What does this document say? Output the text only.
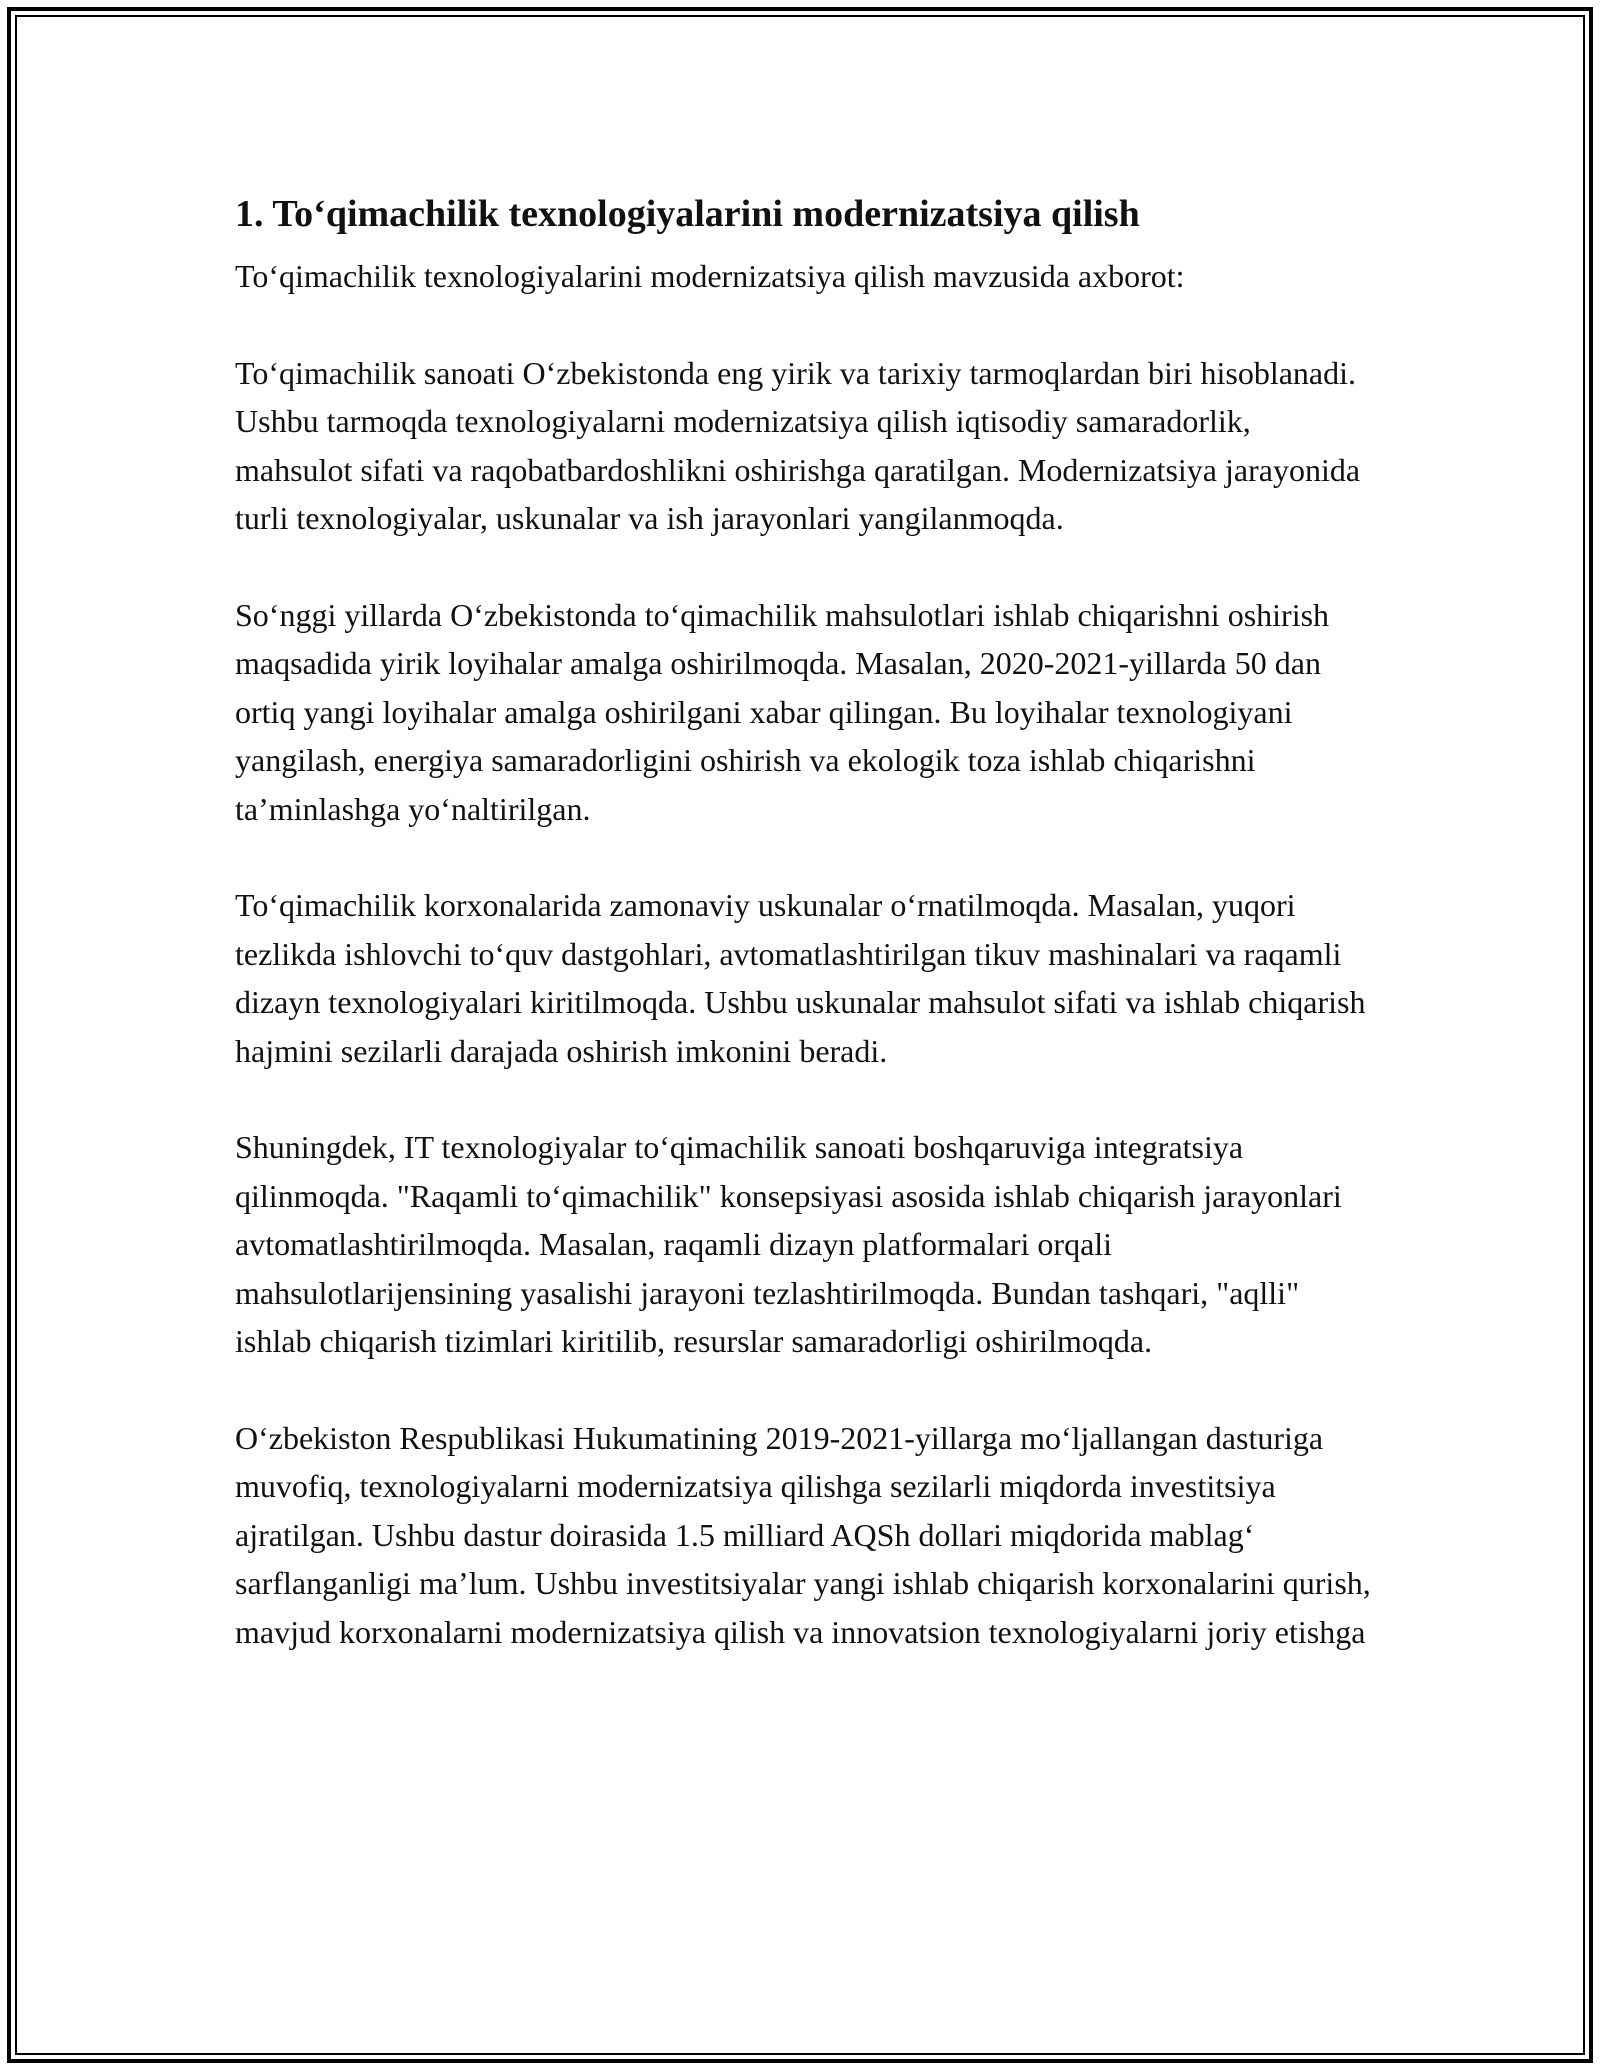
1. To‘qimachilik texnologiyalarini modernizatsiya qilish

To‘qimachilik texnologiyalarini modernizatsiya qilish mavzusida axborot:

To‘qimachilik sanoati O‘zbekistonda eng yirik va tarixiy tarmoqlardan biri hisoblanadi. Ushbu tarmoqda texnologiyalarni modernizatsiya qilish iqtisodiy samaradorlik, mahsulot sifati va raqobatbardoshlikni oshirishga qaratilgan. Modernizatsiya jarayonida turli texnologiyalar, uskunalar va ish jarayonlari yangilanmoqda.

So‘nggi yillarda O‘zbekistonda to‘qimachilik mahsulotlari ishlab chiqarishni oshirish maqsadida yirik loyihalar amalga oshirilmoqda. Masalan, 2020-2021-yillarda 50 dan ortiq yangi loyihalar amalga oshirilgani xabar qilingan. Bu loyihalar texnologiyani yangilash, energiya samaradorligini oshirish va ekologik toza ishlab chiqarishni ta’minlashga yo‘naltirilgan.

To‘qimachilik korxonalarida zamonaviy uskunalar o‘rnatilmoqda. Masalan, yuqori tezlikda ishlovchi to‘quv dastgohlari, avtomatlashtirilgan tikuv mashinalari va raqamli dizayn texnologiyalari kiritilmoqda. Ushbu uskunalar mahsulot sifati va ishlab chiqarish hajmini sezilarli darajada oshirish imkonini beradi.

Shuningdek, IT texnologiyalar to‘qimachilik sanoati boshqaruviga integratsiya qilinmoqda. "Raqamli to‘qimachilik" konsepsiyasi asosida ishlab chiqarish jarayonlari avtomatlashtirilmoqda. Masalan, raqamli dizayn platformalari orqali mahsulotlarijensining yasalishi jarayoni tezlashtirilmoqda. Bundan tashqari, "aqlli" ishlab chiqarish tizimlari kiritilib, resurslar samaradorligi oshirilmoqda.

O‘zbekiston Respublikasi Hukumatining 2019-2021-yillarga mo‘ljallangan dasturiga muvofiq, texnologiyalarni modernizatsiya qilishga sezilarli miqdorda investitsiya ajratilgan. Ushbu dastur doirasida 1.5 milliard AQSh dollari miqdorida mablag‘ sarflanganligi ma’lum. Ushbu investitsiyalar yangi ishlab chiqarish korxonalarini qurish, mavjud korxonalarni modernizatsiya qilish va innovatsion texnologiyalarni joriy etishga
